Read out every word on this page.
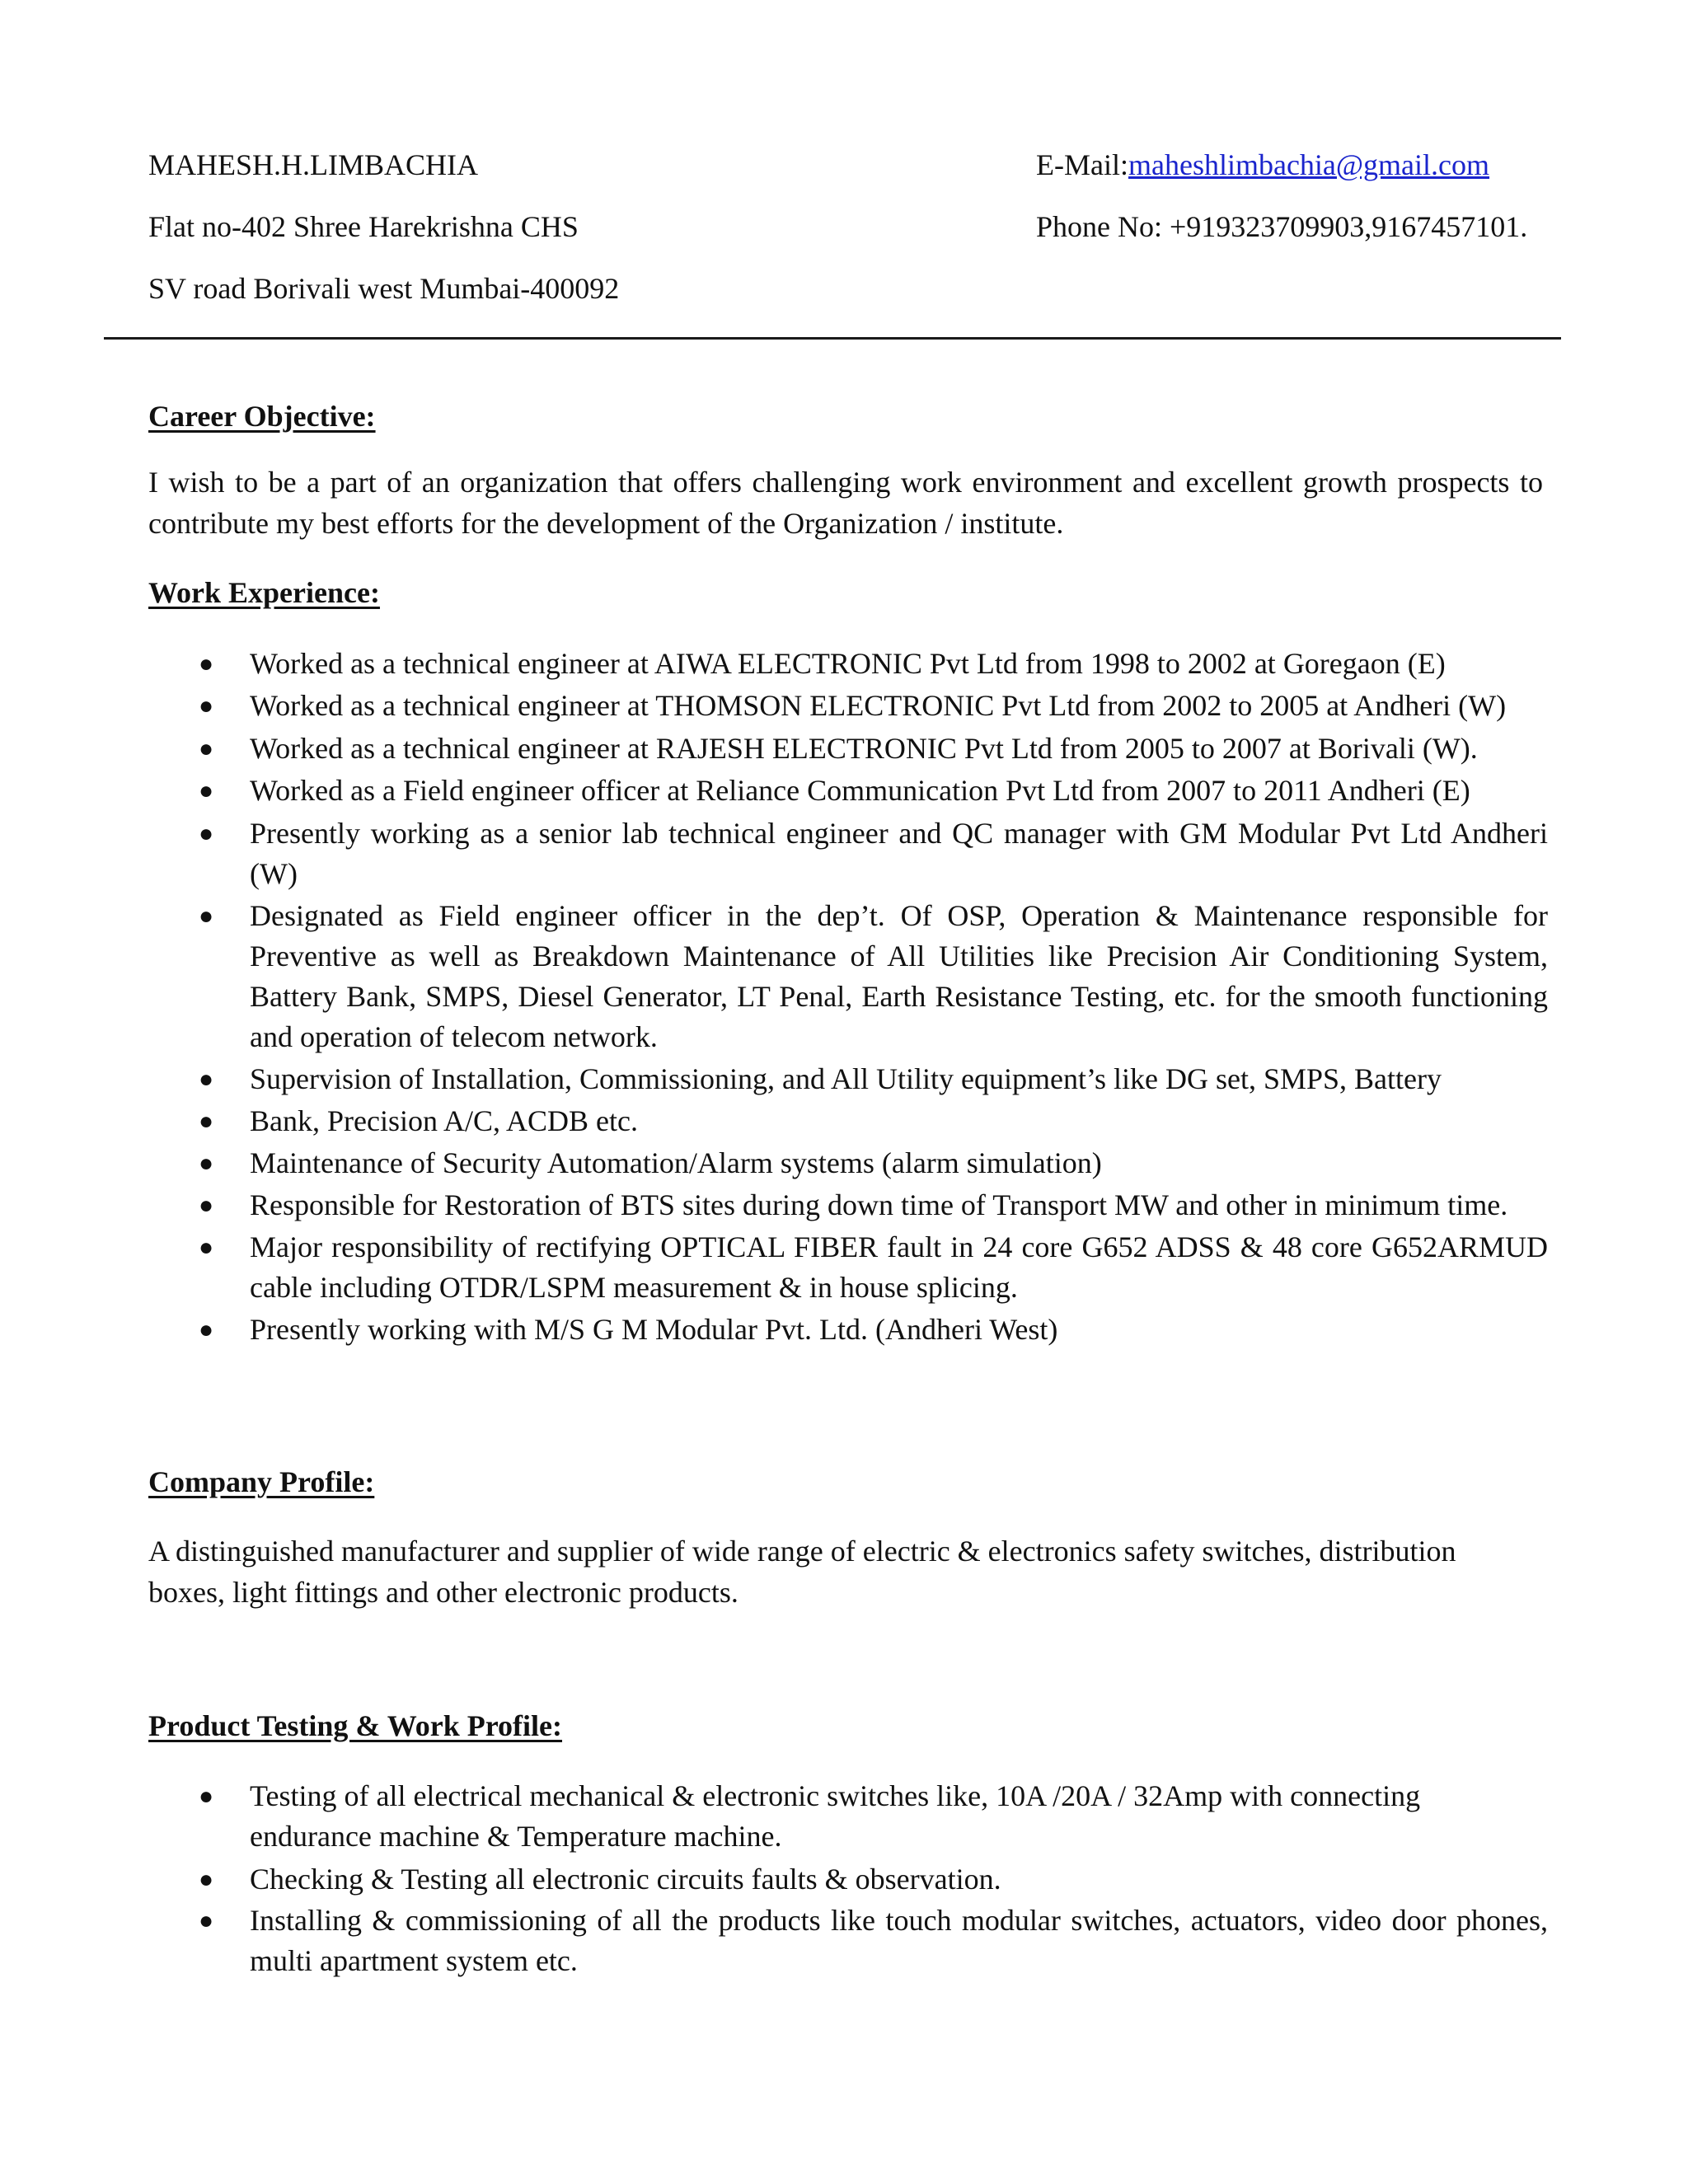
MAHESH.H.LIMBACHIA	E-Mail:maheshlimbachia@gmail.com
Flat no-402 Shree Harekrishna CHS	Phone No: +919323709903,9167457101.
SV road Borivali west Mumbai-400092
Career Objective:
I wish to be a part of an organization that offers challenging work environment and excellent growth prospects to contribute my best efforts for the development of the Organization / institute.
Work Experience:
● Worked as a technical engineer at AIWA ELECTRONIC Pvt Ltd from 1998 to 2002 at Goregaon (E)
● Worked as a technical engineer at THOMSON ELECTRONIC Pvt Ltd from 2002 to 2005 at Andheri (W)
● Worked as a technical engineer at RAJESH ELECTRONIC Pvt Ltd from 2005 to 2007 at Borivali (W).
● Worked as a Field engineer officer at Reliance Communication Pvt Ltd from 2007 to 2011 Andheri (E)
● Presently working as a senior lab technical engineer and QC manager with GM Modular Pvt Ltd Andheri (W)
● Designated as Field engineer officer in the dep’t. Of OSP, Operation & Maintenance responsible for Preventive as well as Breakdown Maintenance of All Utilities like Precision Air Conditioning System, Battery Bank, SMPS, Diesel Generator, LT Penal, Earth Resistance Testing, etc. for the smooth functioning and operation of telecom network.
● Supervision of Installation, Commissioning, and All Utility equipment’s like DG set, SMPS, Battery
● Bank, Precision A/C, ACDB etc.
● Maintenance of Security Automation/Alarm systems (alarm simulation)
● Responsible for Restoration of BTS sites during down time of Transport MW and other in minimum time.
● Major responsibility of rectifying OPTICAL FIBER fault in 24 core G652 ADSS & 48 core G652ARMUD cable including OTDR/LSPM measurement & in house splicing.
● Presently working with M/S G M Modular Pvt. Ltd. (Andheri West)
Company Profile:
A distinguished manufacturer and supplier of wide range of electric & electronics safety switches, distribution boxes, light fittings and other electronic products.
Product Testing & Work Profile:
● Testing of all electrical mechanical & electronic switches like, 10A /20A / 32Amp with connecting endurance machine & Temperature machine.
● Checking & Testing all electronic circuits faults & observation.
● Installing & commissioning of all the products like touch modular switches, actuators, video door phones, multi apartment system etc.
